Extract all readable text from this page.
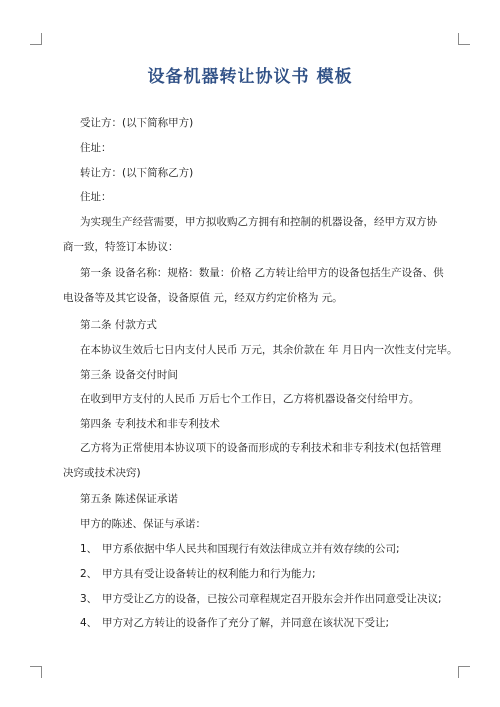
设备机器转让协议书 模板

受让方：(以下简称甲方)

住址：

转让方：(以下简称乙方)

住址：

为实现生产经营需要，甲方拟收购乙方拥有和控制的机器设备，经甲方双方协商一致，特签订本协议：

第一条 设备名称：规格：数量：价格 乙方转让给甲方的设备包括生产设备、供电设备等及其它设备，设备原值 元，经双方约定价格为 元。

第二条 付款方式

在本协议生效后七日内支付人民币 万元，其余价款在 年 月日内一次性支付完毕。

第三条 设备交付时间

在收到甲方支付的人民币 万后七个工作日，乙方将机器设备交付给甲方。

第四条 专利技术和非专利技术

乙方将为正常使用本协议项下的设备而形成的专利技术和非专利技术(包括管理决窍或技术决窍)

第五条 陈述保证承诺

甲方的陈述、保证与承诺：

1、 甲方系依据中华人民共和国现行有效法律成立并有效存续的公司;

2、 甲方具有受让设备转让的权利能力和行为能力;

3、 甲方受让乙方的设备，已按公司章程规定召开股东会并作出同意受让决议;

4、 甲方对乙方转让的设备作了充分了解，并同意在该状况下受让;
